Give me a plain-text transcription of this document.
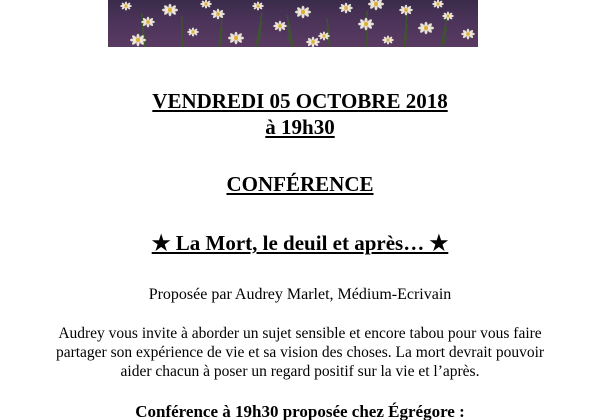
VENDREDI 05 OCTOBRE 2018
à 19h30
CONFÉRENCE
★ La Mort, le deuil et après… ★
Proposée par Audrey Marlet, Médium-Ecrivain
Audrey vous invite à aborder un sujet sensible et encore tabou pour vous faire
partager son expérience de vie et sa vision des choses. La mort devrait pouvoir
aider chacun à poser un regard positif sur la vie et l’après.
Conférence à 19h30 proposée chez Égrégore :
